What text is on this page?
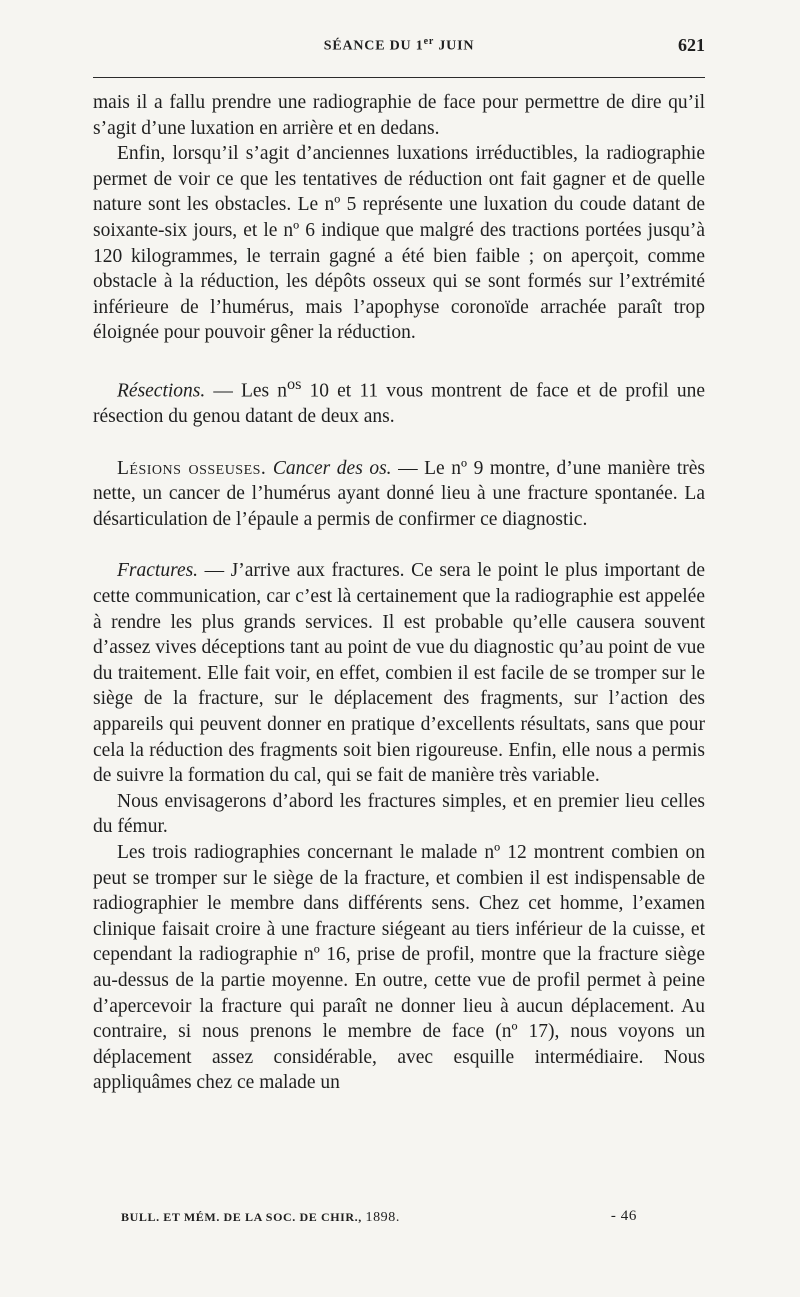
SÉANCE DU 1er JUIN	621

mais il a fallu prendre une radiographie de face pour permettre de dire qu’il s’agit d’une luxation en arrière et en dedans.

Enfin, lorsqu’il s’agit d’anciennes luxations irréductibles, la radiographie permet de voir ce que les tentatives de réduction ont fait gagner et de quelle nature sont les obstacles. Le nº 5 représente une luxation du coude datant de soixante-six jours, et le nº 6 indique que malgré des tractions portées jusqu’à 120 kilogrammes, le terrain gagné a été bien faible ; on aperçoit, comme obstacle à la réduction, les dépôts osseux qui se sont formés sur l’extrémité inférieure de l’humérus, mais l’apophyse coronoïde arrachée paraît trop éloignée pour pouvoir gêner la réduction.

Résections. — Les $n^{os}$ 10 et 11 vous montrent de face et de profil une résection du genou datant de deux ans.

Lésions osseuses. Cancer des os. — Le nº 9 montre, d’une manière très nette, un cancer de l’humérus ayant donné lieu à une fracture spontanée. La désarticulation de l’épaule a permis de confirmer ce diagnostic.

Fractures. — J’arrive aux fractures. Ce sera le point le plus important de cette communication, car c’est là certainement que la radiographie est appelée à rendre les plus grands services. Il est probable qu’elle causera souvent d’assez vives déceptions tant au point de vue du diagnostic qu’au point de vue du traitement. Elle fait voir, en effet, combien il est facile de se tromper sur le siège de la fracture, sur le déplacement des fragments, sur l’action des appareils qui peuvent donner en pratique d’excellents résultats, sans que pour cela la réduction des fragments soit bien rigoureuse. Enfin, elle nous a permis de suivre la formation du cal, qui se fait de manière très variable.

Nous envisagerons d’abord les fractures simples, et en premier lieu celles du fémur.

Les trois radiographies concernant le malade nº 12 montrent combien on peut se tromper sur le siège de la fracture, et combien il est indispensable de radiographier le membre dans différents sens. Chez cet homme, l’examen clinique faisait croire à une fracture siégeant au tiers inférieur de la cuisse, et cependant la radiographie nº 16, prise de profil, montre que la fracture siège au-dessus de la partie moyenne. En outre, cette vue de profil permet à peine d’apercevoir la fracture qui paraît ne donner lieu à aucun déplacement. Au contraire, si nous prenons le membre de face (nº 17), nous voyons un déplacement assez considérable, avec esquille intermédiaire. Nous appliquâmes chez ce malade un

BULL. ET MÉM. DE LA SOC. DE CHIR., 1898.	- 46
